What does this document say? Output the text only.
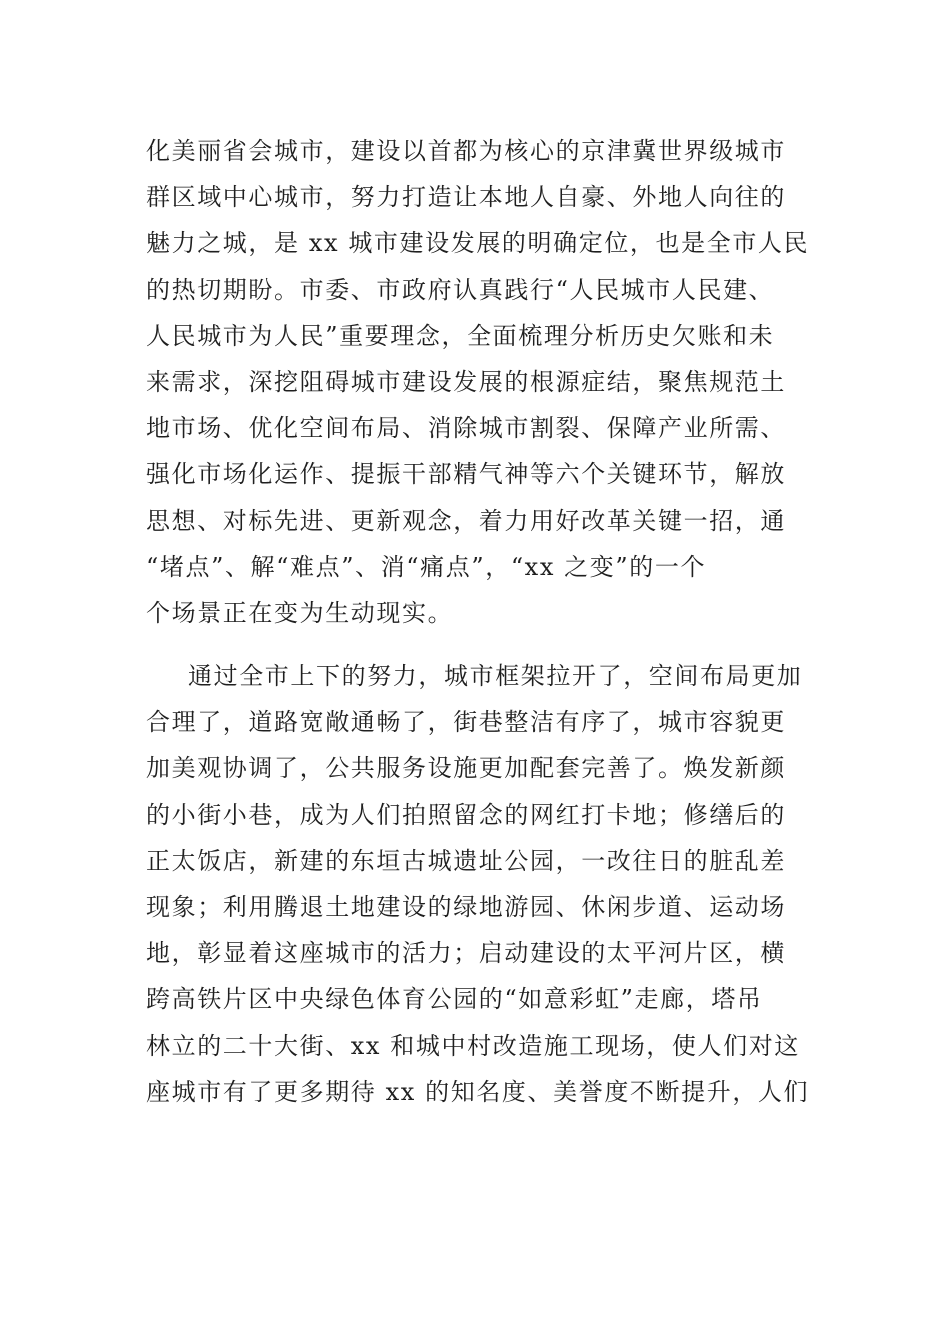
化美丽省会城市，建设以首都为核心的京津冀世界级城市
群区域中心城市，努力打造让本地人自豪、外地人向往的
魅力之城，是 xx 城市建设发展的明确定位，也是全市人民
的热切期盼。市委、市政府认真践行“人民城市人民建、
人民城市为人民”重要理念，全面梳理分析历史欠账和未
来需求，深挖阻碍城市建设发展的根源症结，聚焦规范土
地市场、优化空间布局、消除城市割裂、保障产业所需、
强化市场化运作、提振干部精气神等六个关键环节，解放
思想、对标先进、更新观念，着力用好改革关键一招，通
“堵点”、解“难点”、消“痛点”，“xx 之变”的一个
个场景正在变为生动现实。
通过全市上下的努力，城市框架拉开了，空间布局更加
合理了，道路宽敞通畅了，街巷整洁有序了，城市容貌更
加美观协调了，公共服务设施更加配套完善了。焕发新颜
的小街小巷，成为人们拍照留念的网红打卡地；修缮后的
正太饭店，新建的东垣古城遗址公园，一改往日的脏乱差
现象；利用腾退土地建设的绿地游园、休闲步道、运动场
地，彰显着这座城市的活力；启动建设的太平河片区，横
跨高铁片区中央绿色体育公园的“如意彩虹”走廊，塔吊
林立的二十大街、xx 和城中村改造施工现场，使人们对这
座城市有了更多期待 xx 的知名度、美誉度不断提升，人们
